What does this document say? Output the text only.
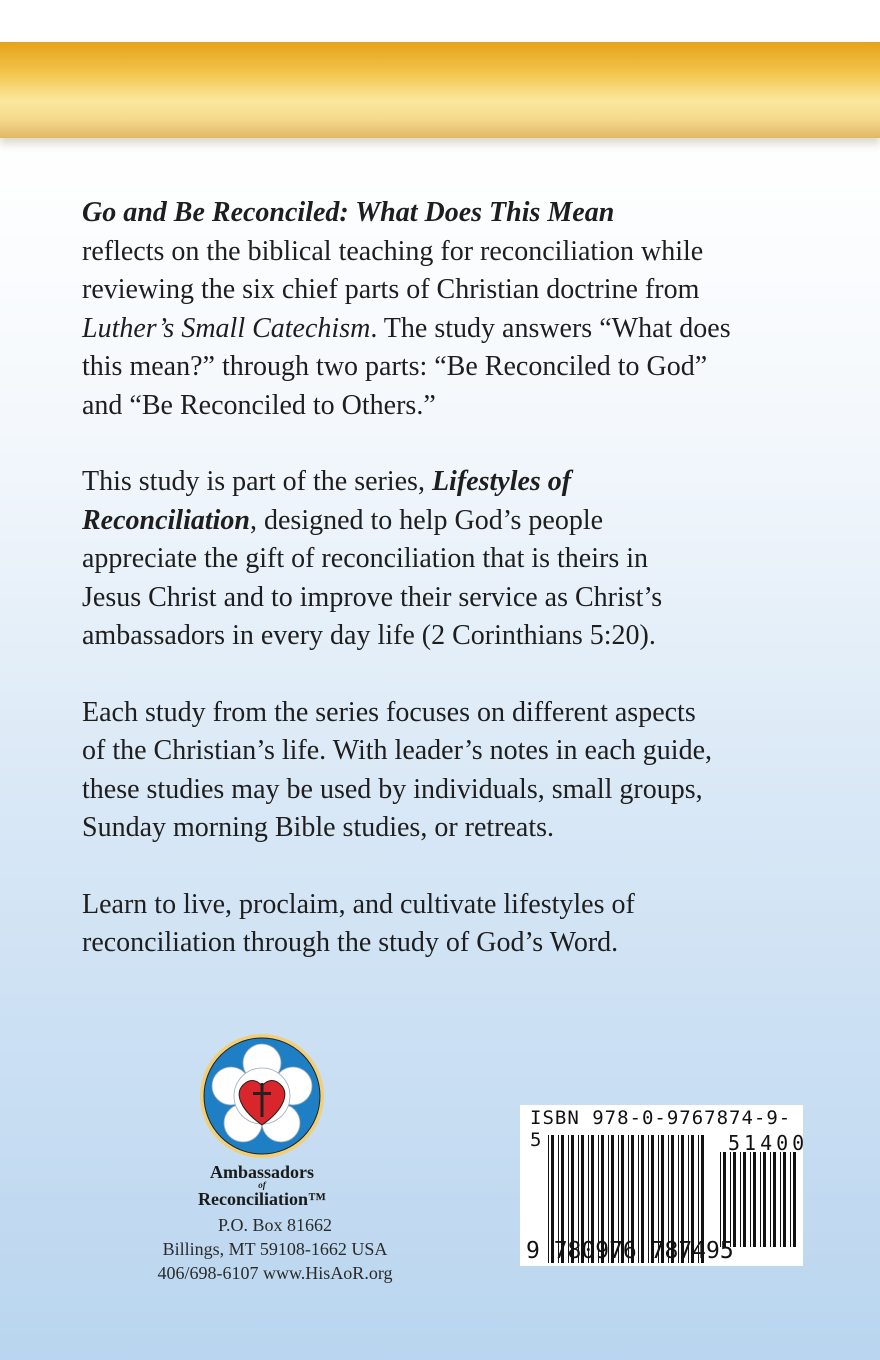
Go and Be Reconciled: What Does This Mean
reflects on the biblical teaching for reconciliation while
reviewing the six chief parts of Christian doctrine from
Luther’s Small Catechism. The study answers “What does
this mean?” through two parts: “Be Reconciled to God”
and “Be Reconciled to Others.”
This study is part of the series, Lifestyles of
Reconciliation, designed to help God’s people
appreciate the gift of reconciliation that is theirs in
Jesus Christ and to improve their service as Christ’s
ambassadors in every day life (2 Corinthians 5:20).
Each study from the series focuses on different aspects
of the Christian’s life. With leader’s notes in each guide,
these studies may be used by individuals, small groups,
Sunday morning Bible studies, or retreats.
Learn to live, proclaim, and cultivate lifestyles of
reconciliation through the study of God’s Word.
Ambassadors
of
Reconciliation™
P.O. Box 81662
Billings, MT 59108-1662 USA
406/698-6107 www.HisAoR.org
ISBN 978-0-9767874-9-5	51400
9 780976 787495
